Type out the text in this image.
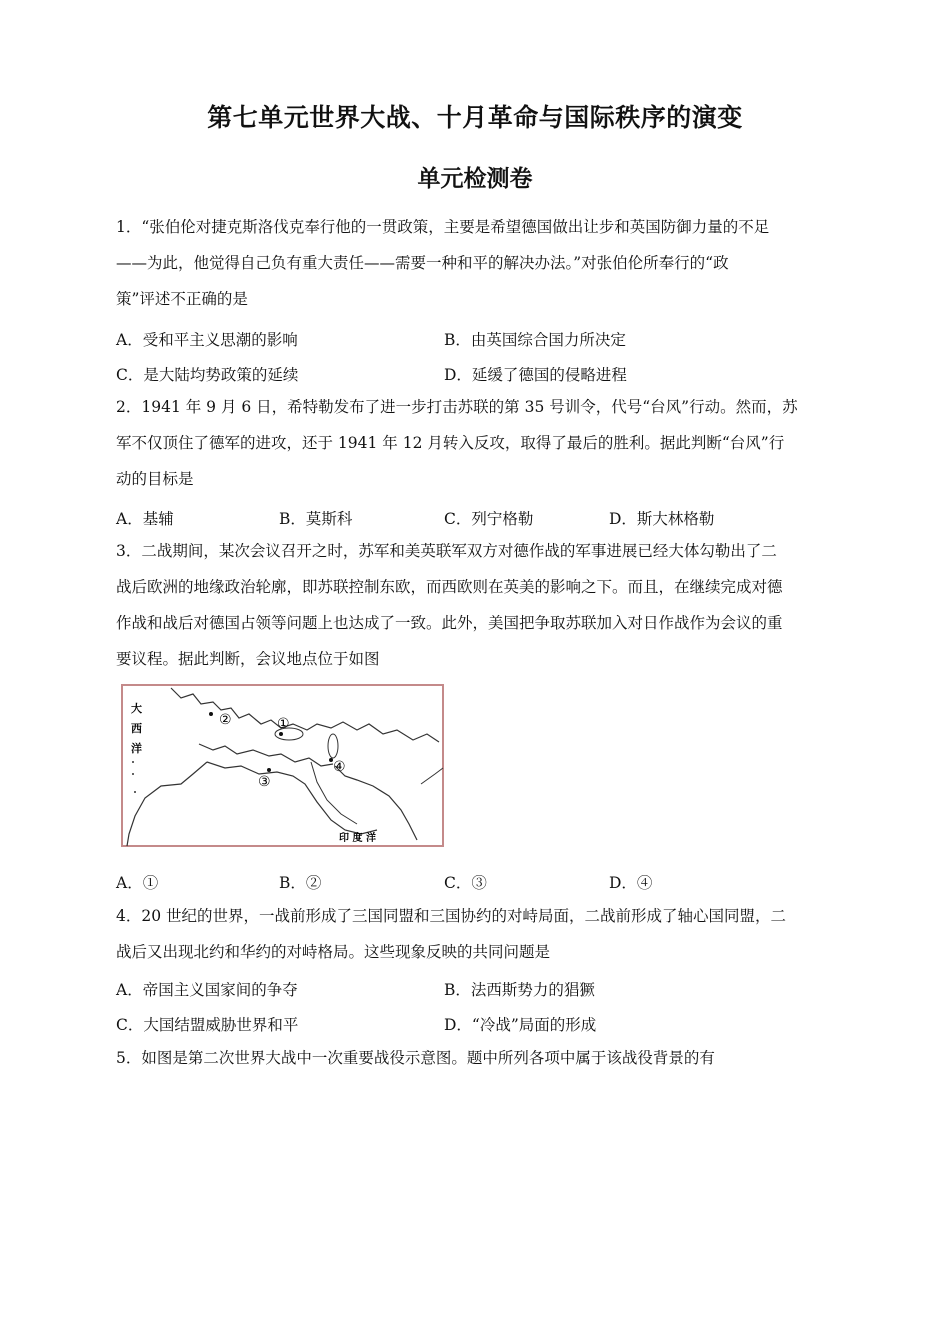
第七单元世界大战、十月革命与国际秩序的演变
单元检测卷
1．“张伯伦对捷克斯洛伐克奉行他的一贯政策，主要是希望德国做出让步和英国防御力量的不足
——为此，他觉得自己负有重大责任——需要一种和平的解决办法。”对张伯伦所奉行的“政
策”评述不正确的是
A．受和平主义思潮的影响	B．由英国综合国力所决定
C．是大陆均势政策的延续	D．延缓了德国的侵略进程
2．1941 年 9 月 6 日，希特勒发布了进一步打击苏联的第 35 号训令，代号“台风”行动。然而，苏
军不仅顶住了德军的进攻，还于 1941 年 12 月转入反攻，取得了最后的胜利。据此判断“台风”行
动的目标是
A．基辅	B．莫斯科	C．列宁格勒	D．斯大林格勒
3．二战期间，某次会议召开之时，苏军和美英联军双方对德作战的军事进展已经大体勾勒出了二
战后欧洲的地缘政治轮廓，即苏联控制东欧，而西欧则在英美的影响之下。而且，在继续完成对德
作战和战后对德国占领等问题上也达成了一致。此外，美国把争取苏联加入对日作战作为会议的重
要议程。据此判断，会议地点位于如图
大
西
洋
②	①
③
④
印 度 洋
A．①	B．②	C．③	D．④
4．20 世纪的世界，一战前形成了三国同盟和三国协约的对峙局面，二战前形成了轴心国同盟，二
战后又出现北约和华约的对峙格局。这些现象反映的共同问题是
A．帝国主义国家间的争夺	B．法西斯势力的猖獗
C．大国结盟威胁世界和平	D．“冷战”局面的形成
5．如图是第二次世界大战中一次重要战役示意图。题中所列各项中属于该战役背景的有
